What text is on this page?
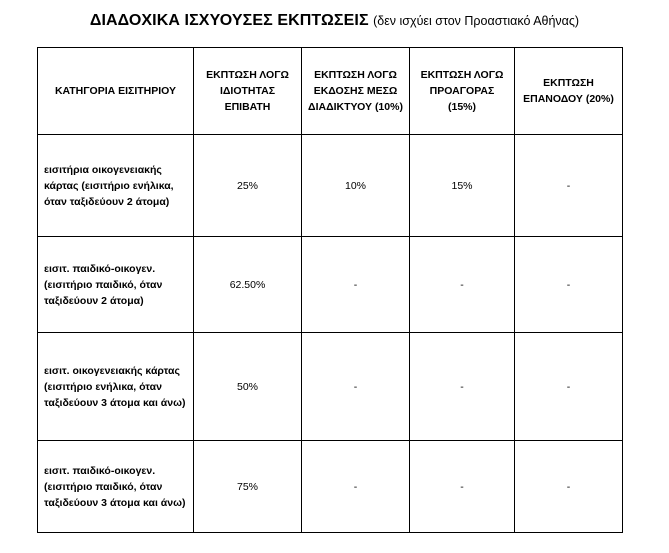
ΔΙΑΔΟΧΙΚΑ ΙΣΧΥΟΥΣΕΣ ΕΚΠΤΩΣΕΙΣ (δεν ισχύει στον Προαστιακό Αθήνας)
ΚΑΤΗΓΟΡΙΑ ΕΙΣΙΤΗΡΙΟΥ	ΕΚΠΤΩΣΗ ΛΟΓΩ ΙΔΙΟΤΗΤΑΣ ΕΠΙΒΑΤΗ	ΕΚΠΤΩΣΗ ΛΟΓΩ ΕΚΔΟΣΗΣ ΜΕΣΩ ΔΙΑΔΙΚΤΥΟΥ (10%)	ΕΚΠΤΩΣΗ ΛΟΓΩ ΠΡΟΑΓΟΡΑΣ (15%)	ΕΚΠΤΩΣΗ ΕΠΑΝΟΔΟΥ (20%)
εισιτήρια οικογενειακής κάρτας (εισιτήριο ενήλικα, όταν ταξιδεύουν 2 άτομα)	25%	10%	15%	-
εισιτ. παιδικό-οικογεν. (εισιτήριο παιδικό, όταν ταξιδεύουν 2 άτομα)	62.50%	-	-	-
εισιτ. οικογενειακής κάρτας (εισιτήριο ενήλικα, όταν ταξιδεύουν 3 άτομα και άνω)	50%	-	-	-
εισιτ. παιδικό-οικογεν. (εισιτήριο παιδικό, όταν ταξιδεύουν 3 άτομα και άνω)	75%	-	-	-
